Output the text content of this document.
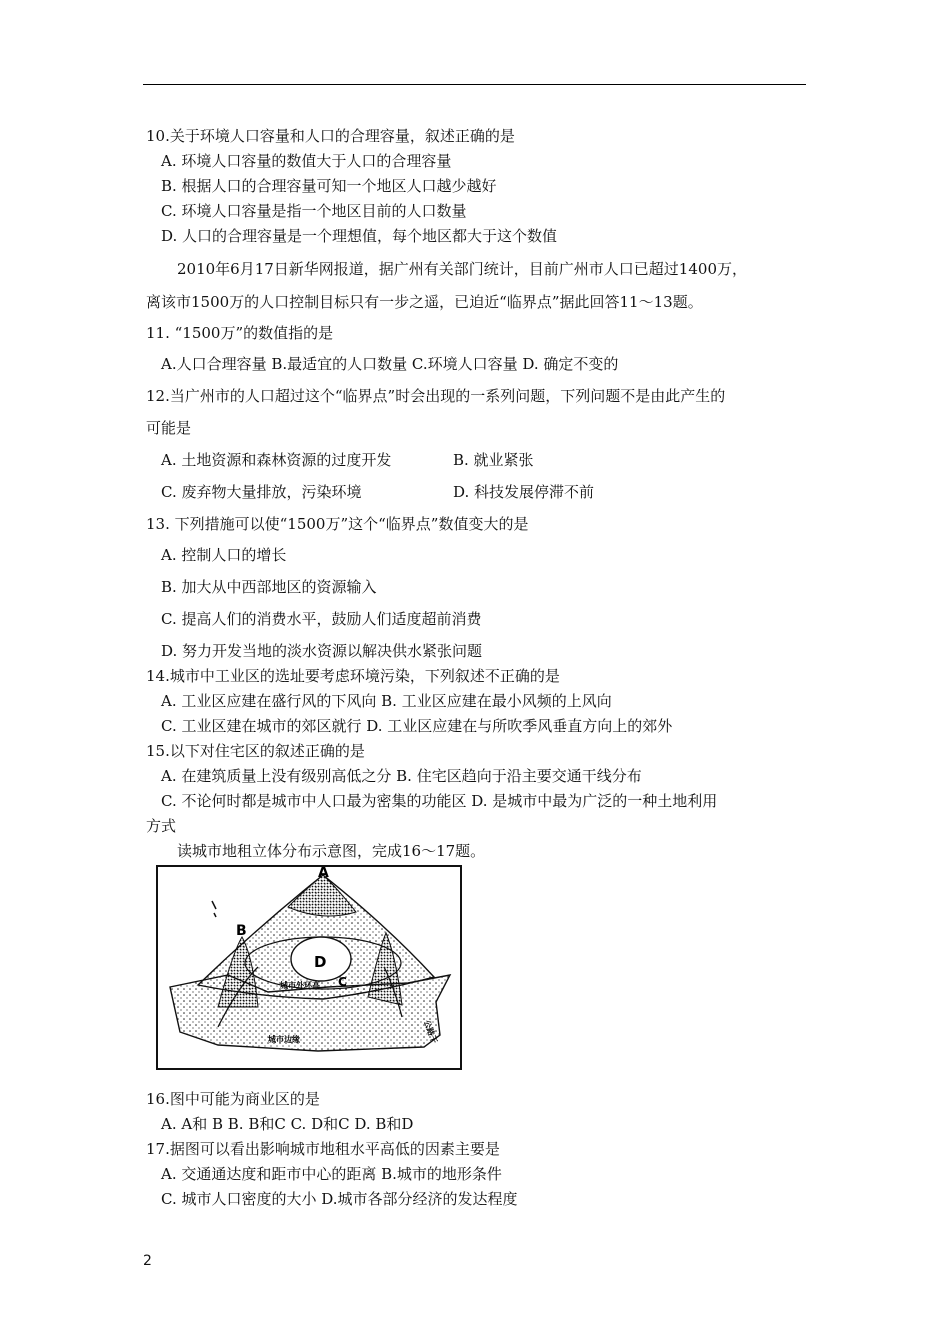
10.关于环境人口容量和人口的合理容量，叙述正确的是
A. 环境人口容量的数值大于人口的合理容量
B. 根据人口的合理容量可知一个地区人口越少越好
C. 环境人口容量是指一个地区目前的人口数量
D. 人口的合理容量是一个理想值，每个地区都大于这个数值
2010年6月17日新华网报道，据广州有关部门统计，目前广州市人口已超过1400万，
离该市1500万的人口控制目标只有一步之遥，已迫近“临界点”据此回答11～13题。
11. “1500万”的数值指的是
A.人口合理容量 B.最适宜的人口数量 C.环境人口容量 D. 确定不变的
12.当广州市的人口超过这个“临界点”时会出现的一系列问题，下列问题不是由此产生的
可能是
A. 土地资源和森林资源的过度开发	B. 就业紧张
C. 废弃物大量排放，污染环境	D. 科技发展停滞不前
13. 下列措施可以使“1500万”这个“临界点”数值变大的是
A. 控制人口的增长
B. 加大从中西部地区的资源输入
C. 提高人们的消费水平，鼓励人们适度超前消费
D. 努力开发当地的淡水资源以解决供水紧张问题
14.城市中工业区的选址要考虑环境污染，下列叙述不正确的是
A. 工业区应建在盛行风的下风向 B. 工业区应建在最小风频的上风向
C. 工业区建在城市的郊区就行 D. 工业区应建在与所吹季风垂直方向上的郊外
15.以下对住宅区的叙述正确的是
A. 在建筑质量上没有级别高低之分 B. 住宅区趋向于沿主要交通干线分布
C. 不论何时都是城市中人口最为密集的功能区 D. 是城市中最为广泛的一种土地利用
方式
读城市地租立体分布示意图，完成16～17题。
A
B
C
D
城市外环高
城市边缘	公路干
16.图中可能为商业区的是
A. A和 B B. B和C C. D和C D. B和D
17.据图可以看出影响城市地租水平高低的因素主要是
A. 交通通达度和距市中心的距离 B.城市的地形条件
C. 城市人口密度的大小 D.城市各部分经济的发达程度
2
